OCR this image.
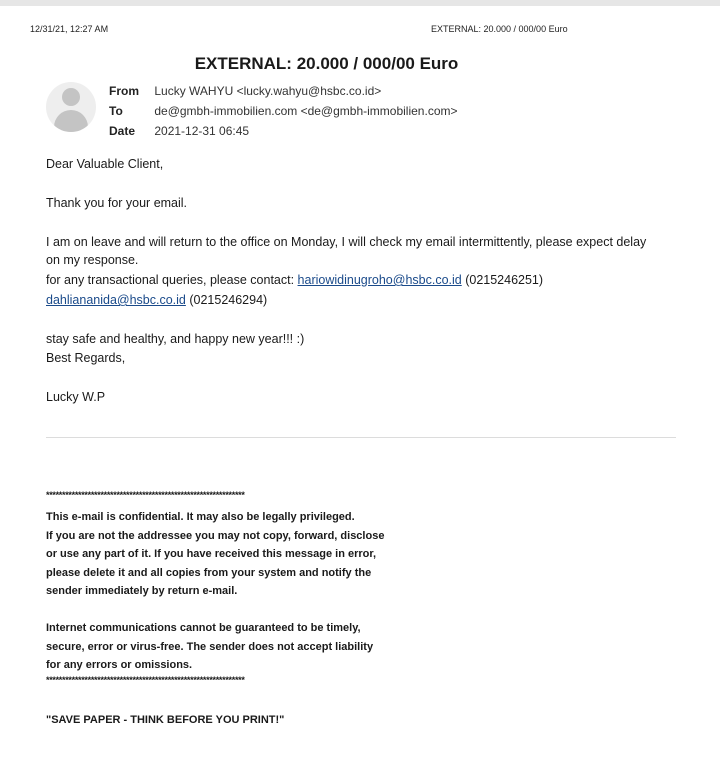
12/31/21, 12:27 AM	EXTERNAL: 20.000 / 000/00 Euro
EXTERNAL: 20.000 / 000/00 Euro
From Lucky WAHYU <lucky.wahyu@hsbc.co.id>
To	de@gmbh-immobilien.com <de@gmbh-immobilien.com>
Date 2021-12-31 06:45
Dear Valuable Client,
Thank you for your email.
I am on leave and will return to the office on Monday, I will check my email intermittently, please expect delay
on my response.
for any transactional queries, please contact: hariowidinugroho@hsbc.co.id (0215246251)
dahliananida@hsbc.co.id (0215246294)
stay safe and healthy, and happy new year!!! :)
Best Regards,
Lucky W.P
**************************************************************
This e-mail is confidential. It may also be legally privileged.
If you are not the addressee you may not copy, forward, disclose
or use any part of it. If you have received this message in error,
please delete it and all copies from your system and notify the
sender immediately by return e-mail.
Internet communications cannot be guaranteed to be timely,
secure, error or virus-free. The sender does not accept liability
for any errors or omissions.
**************************************************************
"SAVE PAPER - THINK BEFORE YOU PRINT!"
